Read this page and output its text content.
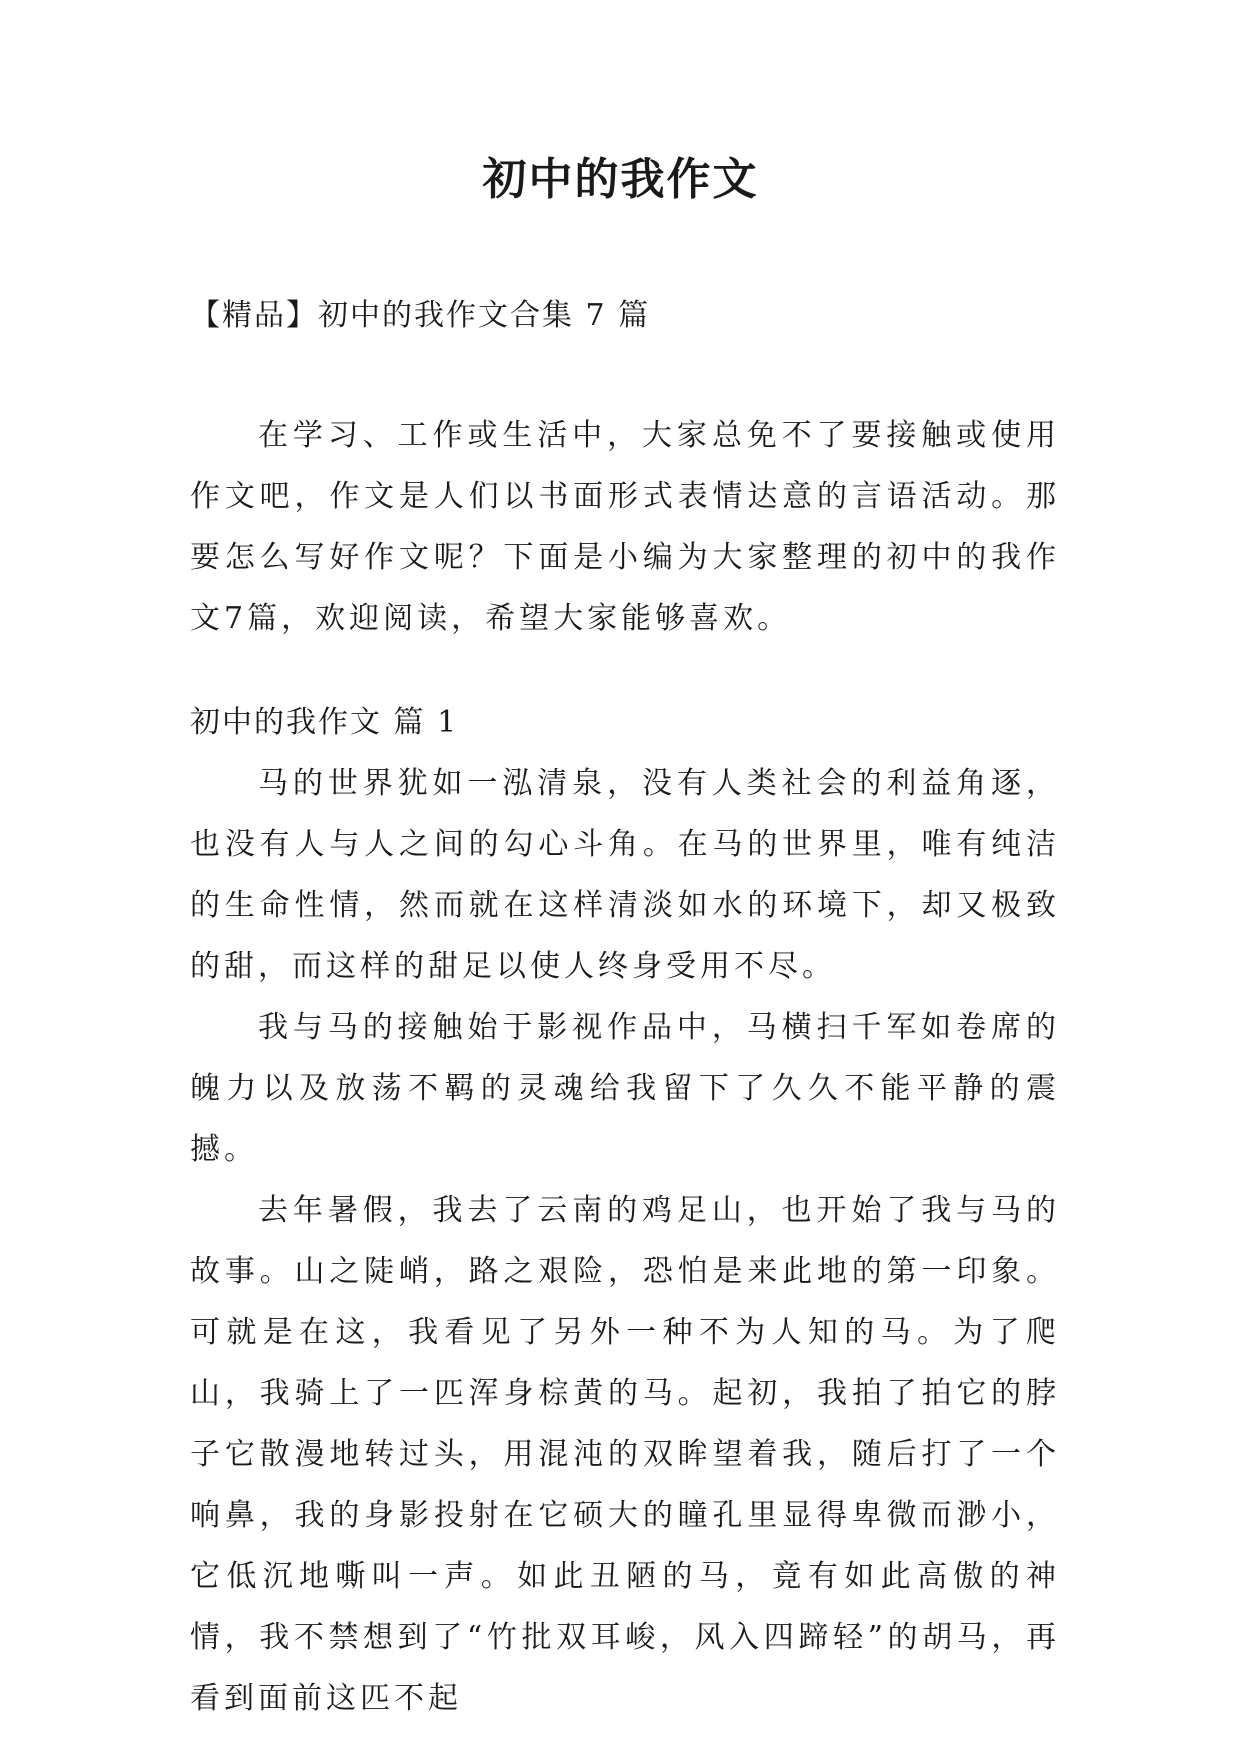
初中的我作文

【精品】初中的我作文合集 7 篇

在学习、工作或生活中，大家总免不了要接触或使用作文吧，作文是人们以书面形式表情达意的言语活动。那要怎么写好作文呢？下面是小编为大家整理的初中的我作文7篇，欢迎阅读，希望大家能够喜欢。

初中的我作文 篇 1

马的世界犹如一泓清泉，没有人类社会的利益角逐，也没有人与人之间的勾心斗角。在马的世界里，唯有纯洁的生命性情，然而就在这样清淡如水的环境下，却又极致的甜，而这样的甜足以使人终身受用不尽。

我与马的接触始于影视作品中，马横扫千军如卷席的魄力以及放荡不羁的灵魂给我留下了久久不能平静的震撼。

去年暑假，我去了云南的鸡足山，也开始了我与马的故事。山之陡峭，路之艰险，恐怕是来此地的第一印象。可就是在这，我看见了另外一种不为人知的马。为了爬山，我骑上了一匹浑身棕黄的马。起初，我拍了拍它的脖子它散漫地转过头，用混沌的双眸望着我，随后打了一个响鼻，我的身影投射在它硕大的瞳孔里显得卑微而渺小，它低沉地嘶叫一声。如此丑陋的马，竟有如此高傲的神情，我不禁想到了“竹批双耳峻，风入四蹄轻”的胡马，再看到面前这匹不起
